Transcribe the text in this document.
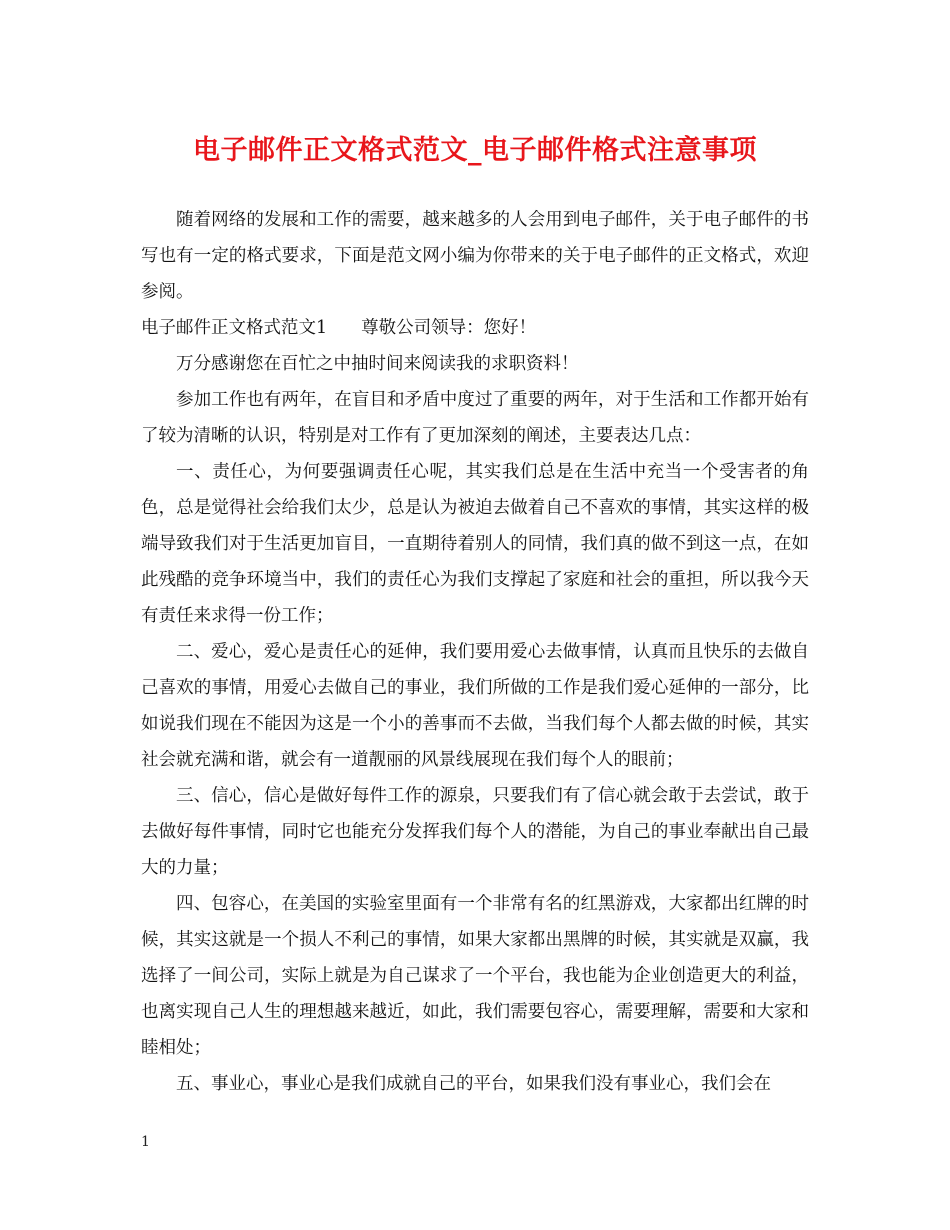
电子邮件正文格式范文_电子邮件格式注意事项

随着网络的发展和工作的需要，越来越多的人会用到电子邮件，关于电子邮件的书写也有一定的格式要求，下面是范文网小编为你带来的关于电子邮件的正文格式，欢迎参阅。

电子邮件正文格式范文1 尊敬公司领导：您好！

万分感谢您在百忙之中抽时间来阅读我的求职资料！

参加工作也有两年，在盲目和矛盾中度过了重要的两年，对于生活和工作都开始有了较为清晰的认识，特别是对工作有了更加深刻的阐述，主要表达几点：

一、责任心，为何要强调责任心呢，其实我们总是在生活中充当一个受害者的角色，总是觉得社会给我们太少，总是认为被迫去做着自己不喜欢的事情，其实这样的极端导致我们对于生活更加盲目，一直期待着别人的同情，我们真的做不到这一点，在如此残酷的竞争环境当中，我们的责任心为我们支撑起了家庭和社会的重担，所以我今天有责任来求得一份工作；

二、爱心，爱心是责任心的延伸，我们要用爱心去做事情，认真而且快乐的去做自己喜欢的事情，用爱心去做自己的事业，我们所做的工作是我们爱心延伸的一部分，比如说我们现在不能因为这是一个小的善事而不去做，当我们每个人都去做的时候，其实社会就充满和谐，就会有一道靓丽的风景线展现在我们每个人的眼前；

三、信心，信心是做好每件工作的源泉，只要我们有了信心就会敢于去尝试，敢于去做好每件事情，同时它也能充分发挥我们每个人的潜能，为自己的事业奉献出自己最大的力量；

四、包容心，在美国的实验室里面有一个非常有名的红黑游戏，大家都出红牌的时候，其实这就是一个损人不利己的事情，如果大家都出黑牌的时候，其实就是双赢，我选择了一间公司，实际上就是为自己谋求了一个平台，我也能为企业创造更大的利益，也离实现自己人生的理想越来越近，如此，我们需要包容心，需要理解，需要和大家和睦相处；

五、事业心，事业心是我们成就自己的平台，如果我们没有事业心，我们会在

1
